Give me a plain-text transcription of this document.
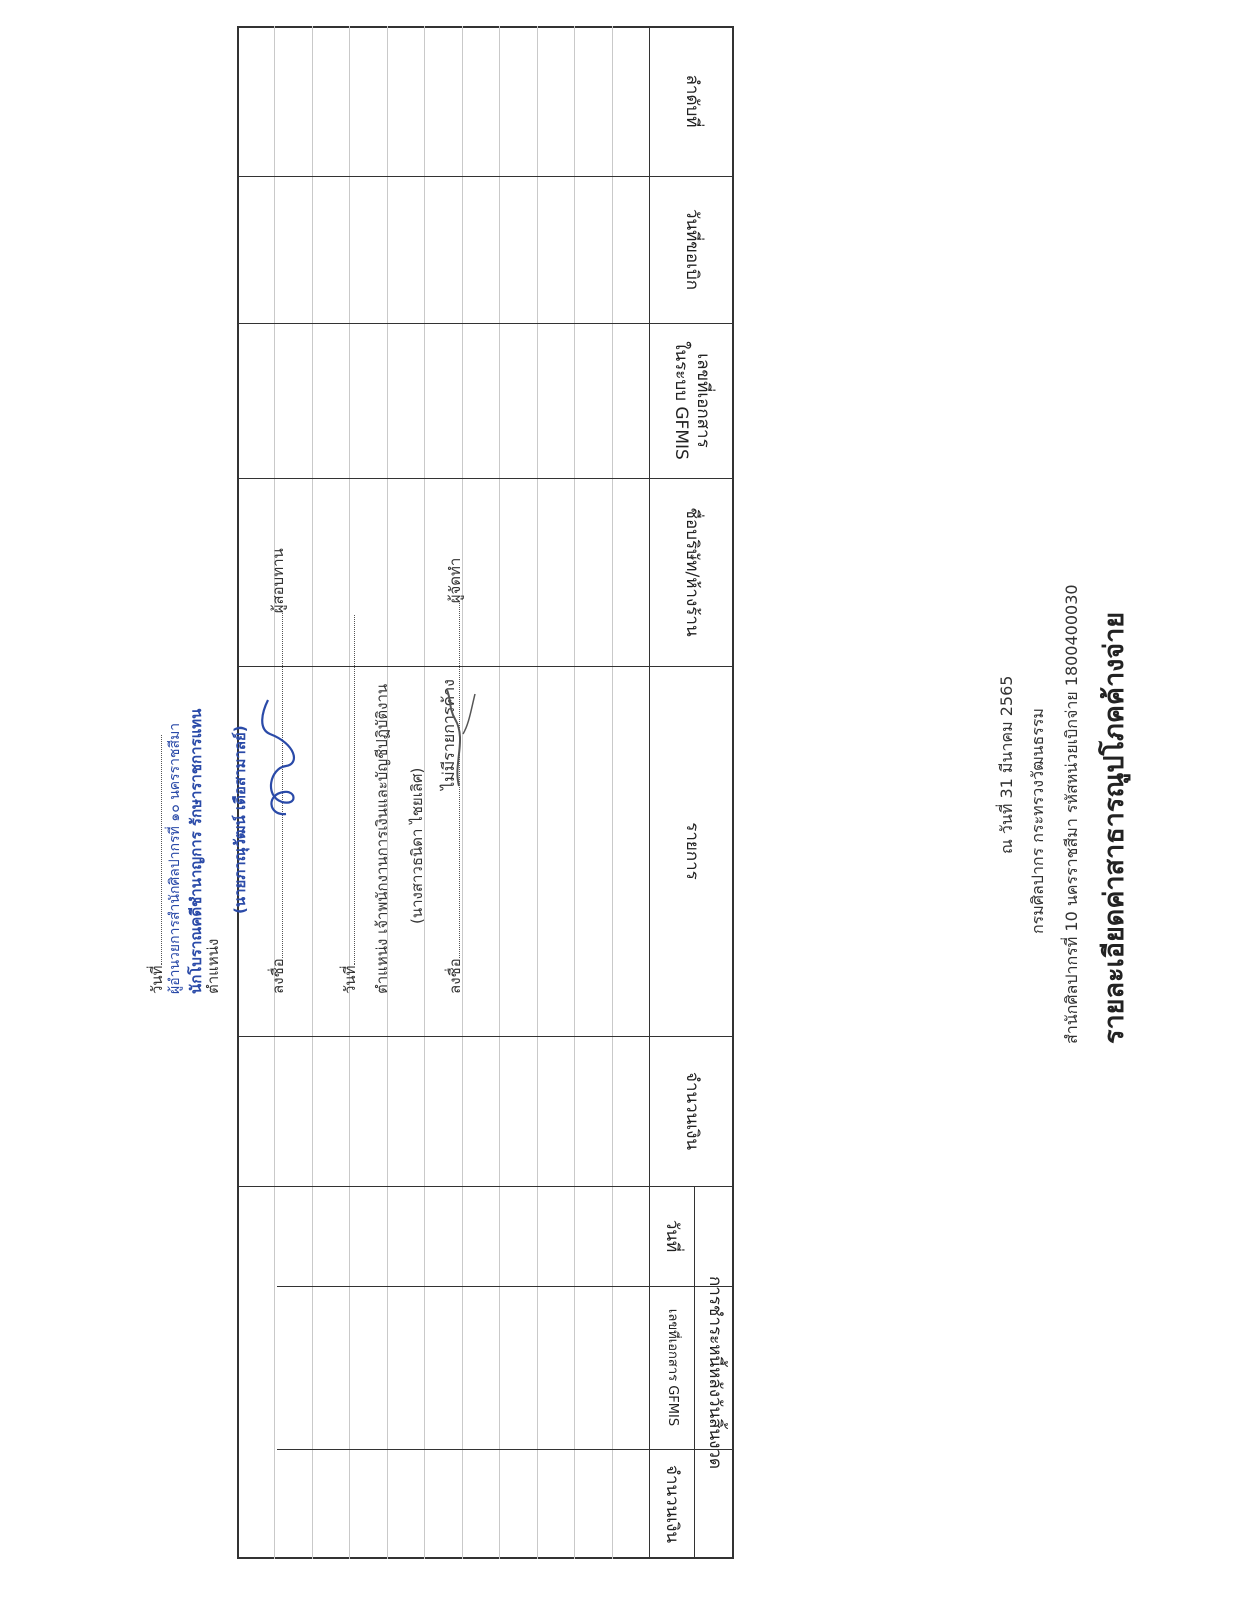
รายละเอียดค่าสาธารณูปโภคค้างจ่าย
สำนักศิลปากรที่ 10 นครราชสีมา รหัสหน่วยเบิกจ่าย 1800400030
กรมศิลปากร กระทรวงวัฒนธรรม
ณ วันที่ 31 มีนาคม 2565
ลำดับที่
วันที่ขอเบิก
เลขที่เอกสาร
ในระบบ GFMIS
ชื่อบริษัท/ห้างร้าน
รายการ
จำนวนเงิน
การชำระหนี้หลังวันสิ้นงวด
วันที่
เลขที่เอกสาร GFMIS
จำนวนเงิน
ไม่มีรายการค้าง
ลงชื่อผู้จัดทำ
(นางสาวธนิดา ไชยเลิศ)
ตำแหน่ง เจ้าพนักงานการเงินและบัญชีปฏิบัติงาน
วันที่
ลงชื่อผู้สอบทาน
(นายภาณุวัฒน์ เดือสามาลย์)
ตำแหน่ง
นักโบราณคดีชำนาญการ รักษาราชการแทน
ผู้อำนวยการสำนักศิลปากรที่ ๑๐ นครราชสีมา
วันที่
